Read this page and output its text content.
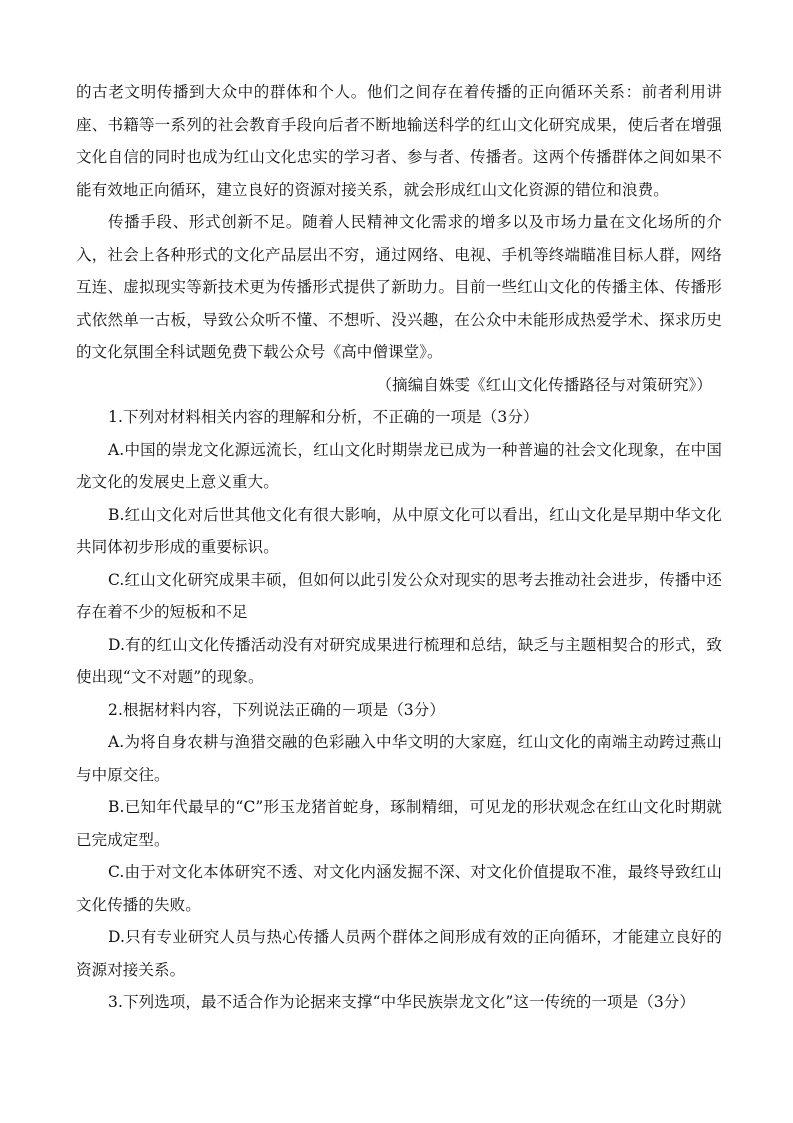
的古老文明传播到大众中的群体和个人。他们之间存在着传播的正向循环关系：前者利用讲座、书籍等一系列的社会教育手段向后者不断地输送科学的红山文化研究成果，使后者在增强文化自信的同时也成为红山文化忠实的学习者、参与者、传播者。这两个传播群体之间如果不能有效地正向循环，建立良好的资源对接关系，就会形成红山文化资源的错位和浪费。

传播手段、形式创新不足。随着人民精神文化需求的增多以及市场力量在文化场所的介入，社会上各种形式的文化产品层出不穷，通过网络、电视、手机等终端瞄准目标人群，网络互连、虚拟现实等新技术更为传播形式提供了新助力。目前一些红山文化的传播主体、传播形式依然单一古板，导致公众听不懂、不想听、没兴趣，在公众中未能形成热爱学术、探求历史的文化氛围全科试题免费下载公众号《高中僧课堂》。

（摘编自姝雯《红山文化传播路径与对策研究》）

1.下列对材料相关内容的理解和分析，不正确的一项是（3分）

A.中国的崇龙文化源远流长，红山文化时期崇龙已成为一种普遍的社会文化现象，在中国龙文化的发展史上意义重大。

B.红山文化对后世其他文化有很大影响，从中原文化可以看出，红山文化是早期中华文化共同体初步形成的重要标识。

C.红山文化研究成果丰硕，但如何以此引发公众对现实的思考去推动社会进步，传播中还存在着不少的短板和不足

D.有的红山文化传播活动没有对研究成果进行梳理和总结，缺乏与主题相契合的形式，致使出现“文不对题”的现象。

2.根据材料内容，下列说法正确的－项是（3分）

A.为将自身农耕与渔猎交融的色彩融入中华文明的大家庭，红山文化的南端主动跨过燕山与中原交往。

B.已知年代最早的“C”形玉龙猪首蛇身，琢制精细，可见龙的形状观念在红山文化时期就已完成定型。

C.由于对文化本体研究不透、对文化内涵发掘不深、对文化价值提取不准，最终导致红山文化传播的失败。

D.只有专业研究人员与热心传播人员两个群体之间形成有效的正向循环，才能建立良好的资源对接关系。

3.下列选项，最不适合作为论据来支撑“中华民族崇龙文化”这一传统的一项是（3分）
